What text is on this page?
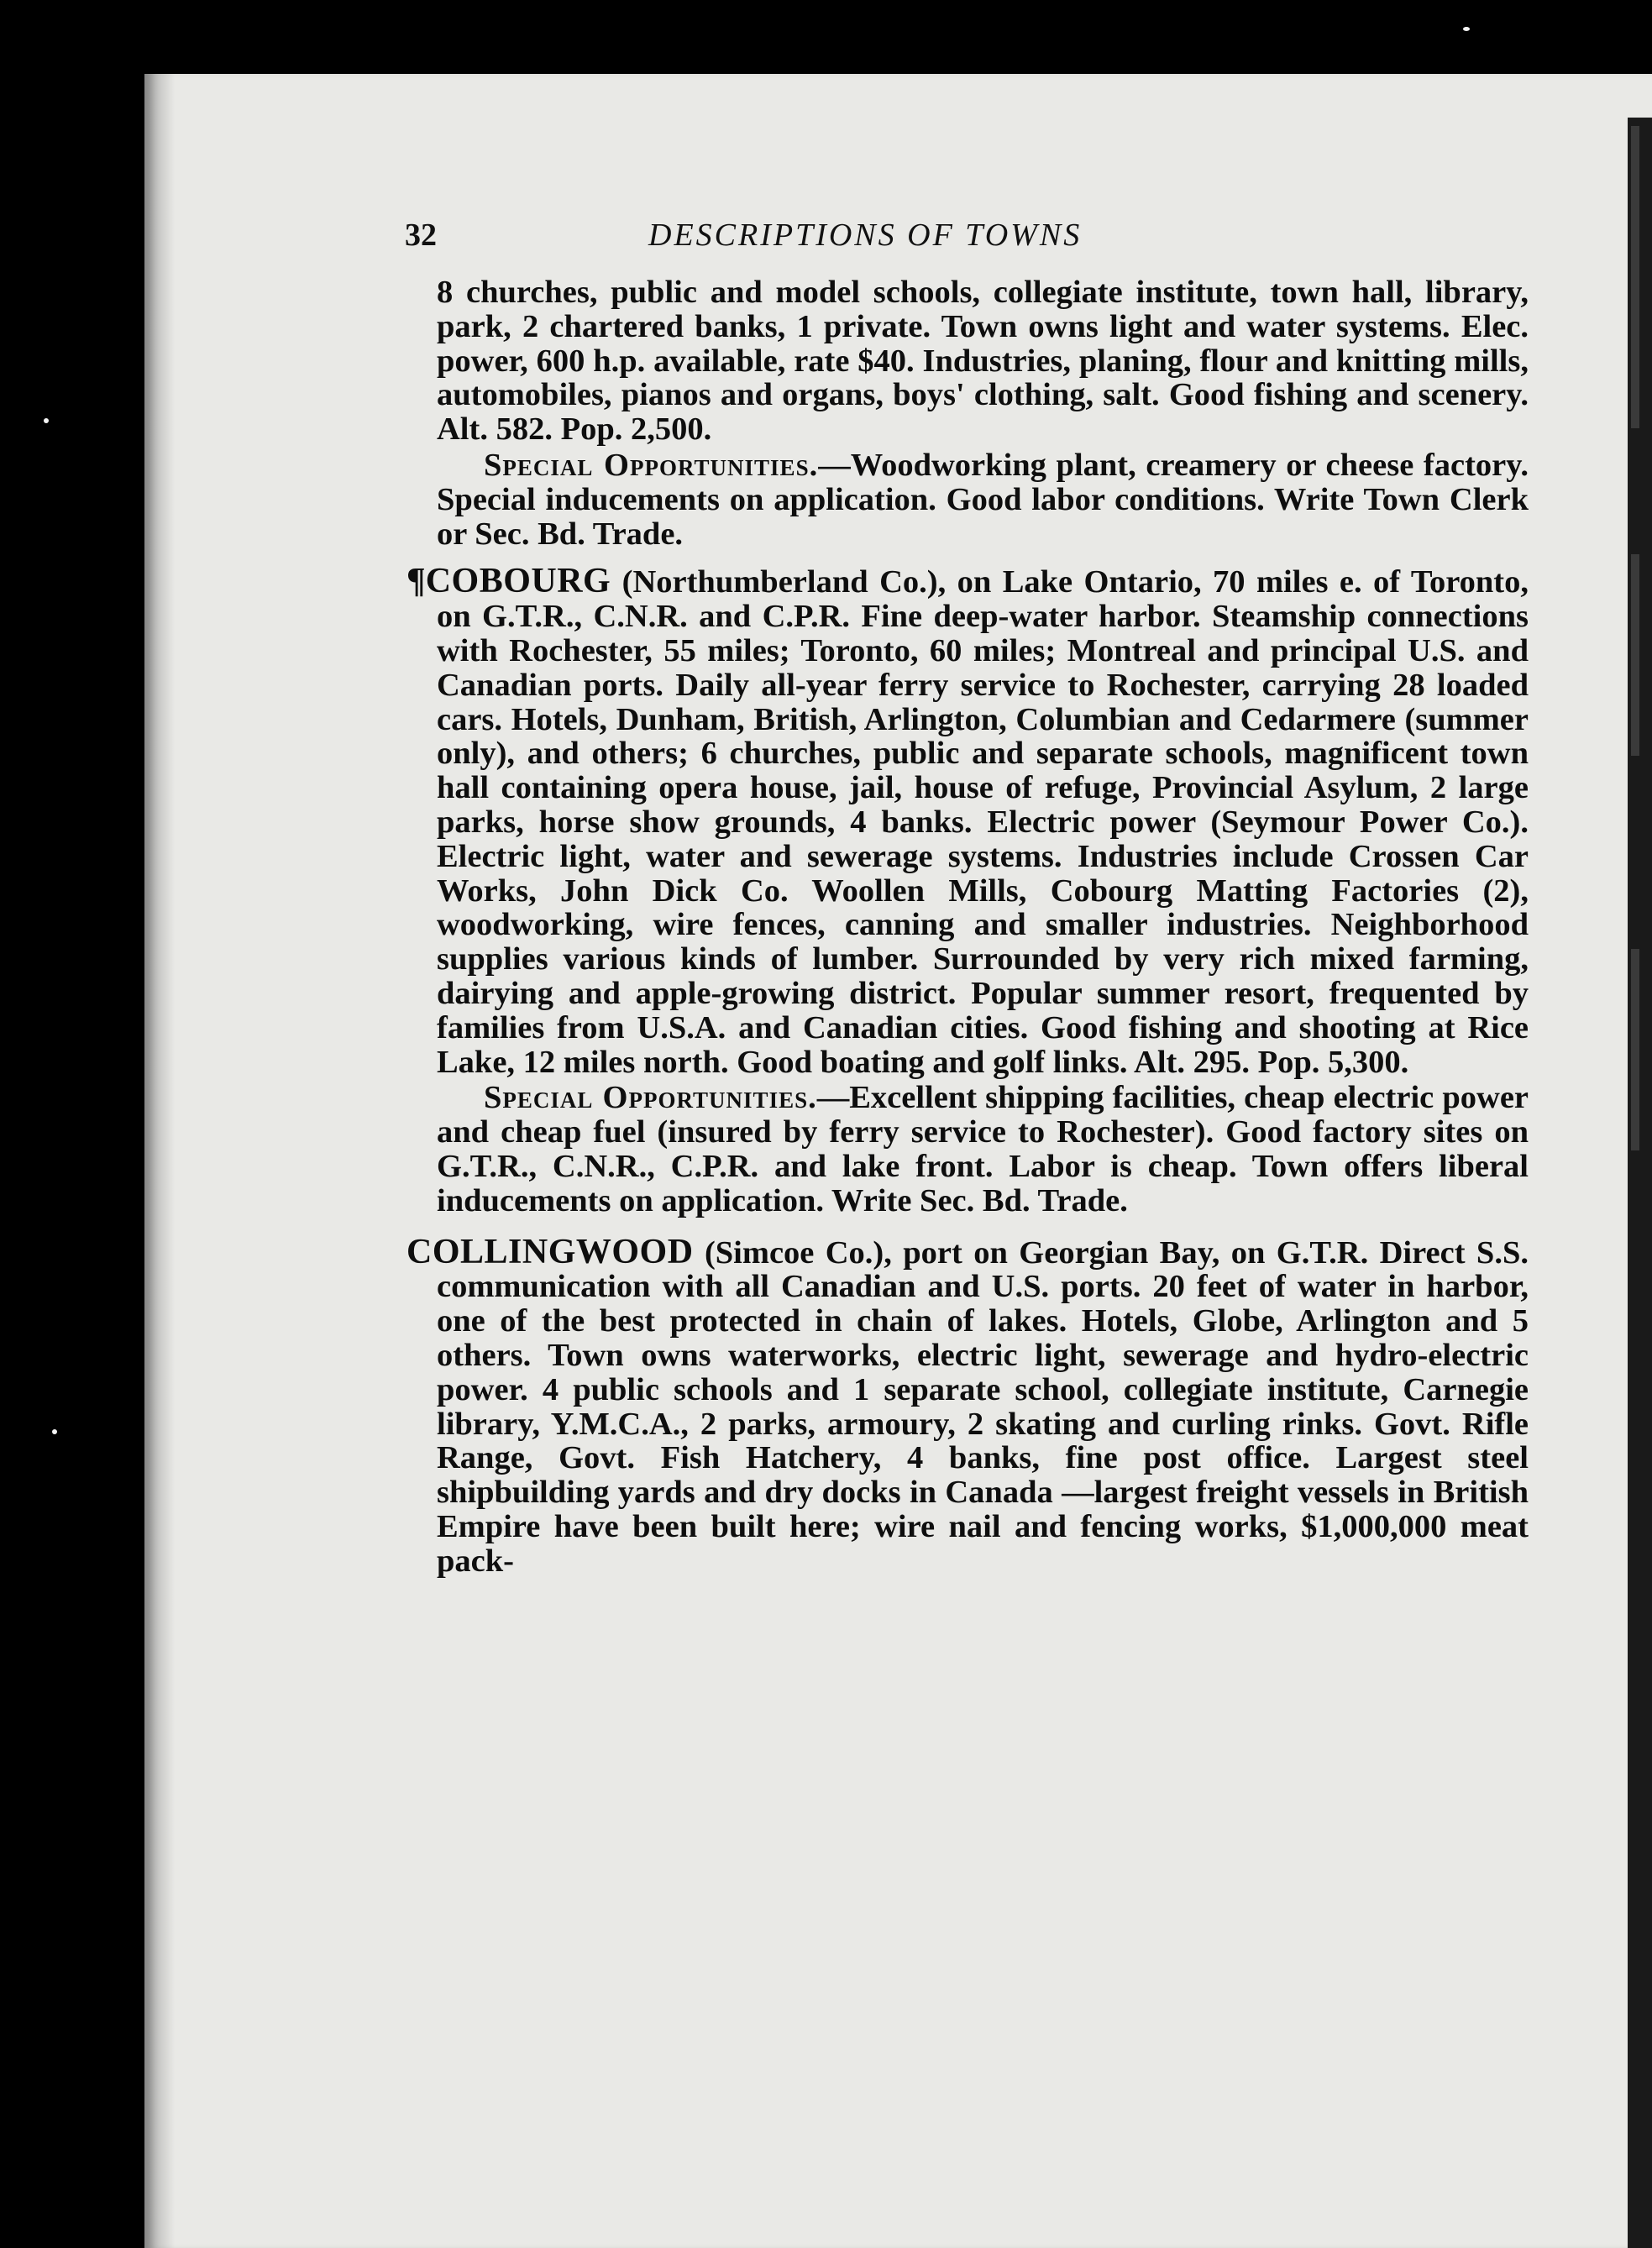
32	DESCRIPTIONS OF TOWNS

8 churches, public and model schools, collegiate institute, town hall, library, park, 2 chartered banks, 1 private. Town owns light and water systems. Elec. power, 600 h.p. available, rate $40. Industries, planing, flour and knitting mills, automobiles, pianos and organs, boys' clothing, salt. Good fishing and scenery. Alt. 582. Pop. 2,500.

Special Opportunities.—Woodworking plant, creamery or cheese factory. Special inducements on application. Good labor conditions. Write Town Clerk or Sec. Bd. Trade.

¶COBOURG (Northumberland Co.), on Lake Ontario, 70 miles e. of Toronto, on G.T.R., C.N.R. and C.P.R. Fine deep-water harbor. Steamship connections with Rochester, 55 miles; Toronto, 60 miles; Montreal and principal U.S. and Canadian ports. Daily all-year ferry service to Rochester, carrying 28 loaded cars. Hotels, Dunham, British, Arlington, Columbian and Cedarmere (summer only), and others; 6 churches, public and separate schools, magnificent town hall containing opera house, jail, house of refuge, Provincial Asylum, 2 large parks, horse show grounds, 4 banks. Electric power (Seymour Power Co.). Electric light, water and sewerage systems. Industries include Crossen Car Works, John Dick Co. Woollen Mills, Cobourg Matting Factories (2), woodworking, wire fences, canning and smaller industries. Neighborhood supplies various kinds of lumber. Surrounded by very rich mixed farming, dairying and apple-growing district. Popular summer resort, frequented by families from U.S.A. and Canadian cities. Good fishing and shooting at Rice Lake, 12 miles north. Good boating and golf links. Alt. 295. Pop. 5,300.

Special Opportunities.—Excellent shipping facilities, cheap electric power and cheap fuel (insured by ferry service to Rochester). Good factory sites on G.T.R., C.N.R., C.P.R. and lake front. Labor is cheap. Town offers liberal inducements on application. Write Sec. Bd. Trade.

COLLINGWOOD (Simcoe Co.), port on Georgian Bay, on G.T.R. Direct S.S. communication with all Canadian and U.S. ports. 20 feet of water in harbor, one of the best protected in chain of lakes. Hotels, Globe, Arlington and 5 others. Town owns waterworks, electric light, sewerage and hydro-electric power. 4 public schools and 1 separate school, collegiate institute, Carnegie library, Y.M.C.A., 2 parks, armoury, 2 skating and curling rinks. Govt. Rifle Range, Govt. Fish Hatchery, 4 banks, fine post office. Largest steel shipbuilding yards and dry docks in Canada —largest freight vessels in British Empire have been built here; wire nail and fencing works, $1,000,000 meat pack-
